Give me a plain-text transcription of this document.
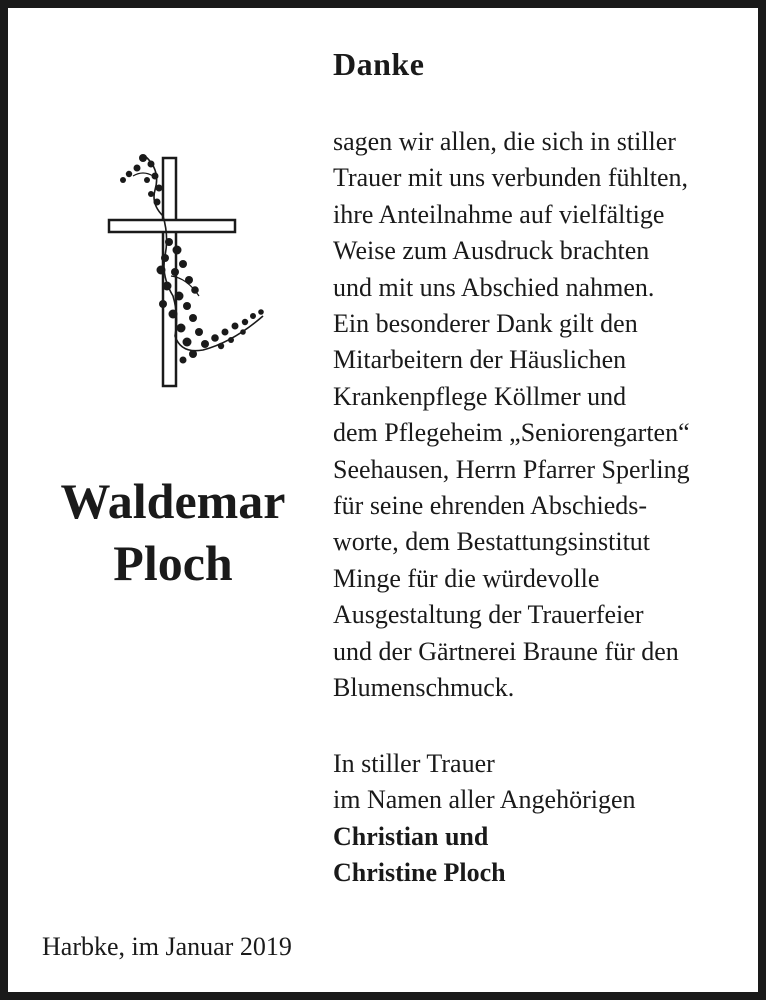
Danke
Waldemar
Ploch
sagen wir allen, die sich in stiller
Trauer mit uns verbunden fühlten,
ihre Anteilnahme auf vielfältige
Weise zum Ausdruck brachten
und mit uns Abschied nahmen.
Ein besonderer Dank gilt den
Mitarbeitern der Häuslichen
Krankenpflege Köllmer und
dem Pflegeheim „Seniorengarten“
Seehausen, Herrn Pfarrer Sperling
für seine ehrenden Abschieds-
worte, dem Bestattungsinstitut
Minge für die würdevolle
Ausgestaltung der Trauerfeier
und der Gärtnerei Braune für den
Blumenschmuck.
In stiller Trauer
im Namen aller Angehörigen
Christian und
Christine Ploch
Harbke, im Januar 2019
